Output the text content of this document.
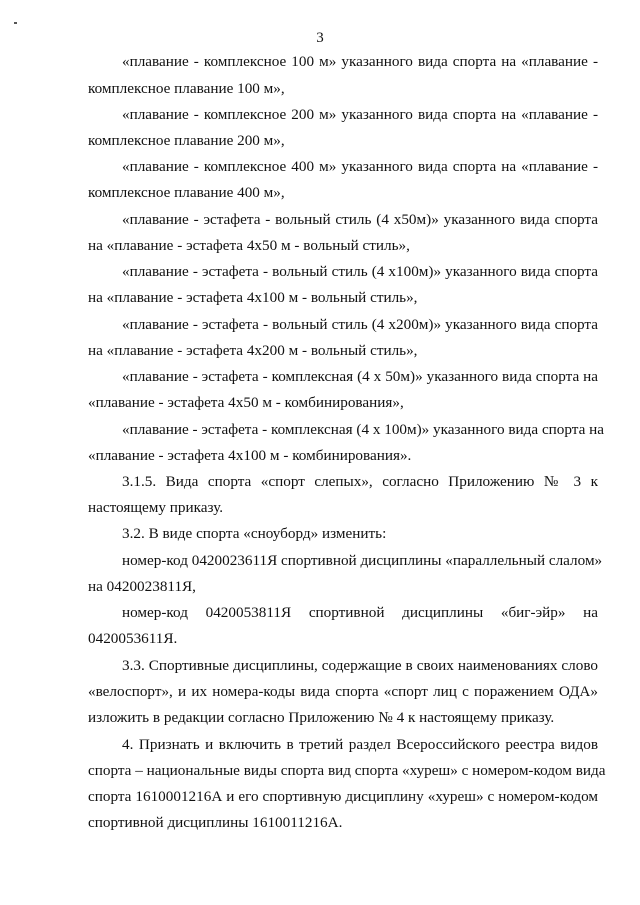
3
«плавание - комплексное 100 м» указанного вида спорта на «плавание -
комплексное плавание 100 м»,
«плавание - комплексное 200 м» указанного вида спорта на «плавание -
комплексное плавание 200 м»,
«плавание - комплексное 400 м» указанного вида спорта на «плавание -
комплексное плавание 400 м»,
«плавание - эстафета - вольный стиль (4 х50м)» указанного вида спорта
на «плавание - эстафета 4х50 м - вольный стиль»,
«плавание - эстафета - вольный стиль (4 х100м)» указанного вида спорта
на «плавание - эстафета 4х100 м - вольный стиль»,
«плавание - эстафета - вольный стиль (4 х200м)» указанного вида спорта
на «плавание - эстафета 4х200 м - вольный стиль»,
«плавание - эстафета - комплексная (4 х 50м)» указанного вида спорта на
«плавание - эстафета 4х50 м - комбинирования»,
«плавание - эстафета - комплексная (4 х 100м)» указанного вида спорта на
«плавание - эстафета 4х100 м - комбинирования».
3.1.5. Вида спорта «спорт слепых», согласно Приложению № 3 к
настоящему приказу.
3.2. В виде спорта «сноуборд» изменить:
номер-код 0420023611Я спортивной дисциплины «параллельный слалом»
на 0420023811Я,
номер-код 0420053811Я спортивной дисциплины «биг-эйр» на
0420053611Я.
3.3. Спортивные дисциплины, содержащие в своих наименованиях слово
«велоспорт», и их номера-коды вида спорта «спорт лиц с поражением ОДА»
изложить в редакции согласно Приложению № 4 к настоящему приказу.
4. Признать и включить в третий раздел Всероссийского реестра видов
спорта – национальные виды спорта вид спорта «хуреш» с номером-кодом вида
спорта 1610001216А и его спортивную дисциплину «хуреш» с номером-кодом
спортивной дисциплины 1610011216А.
